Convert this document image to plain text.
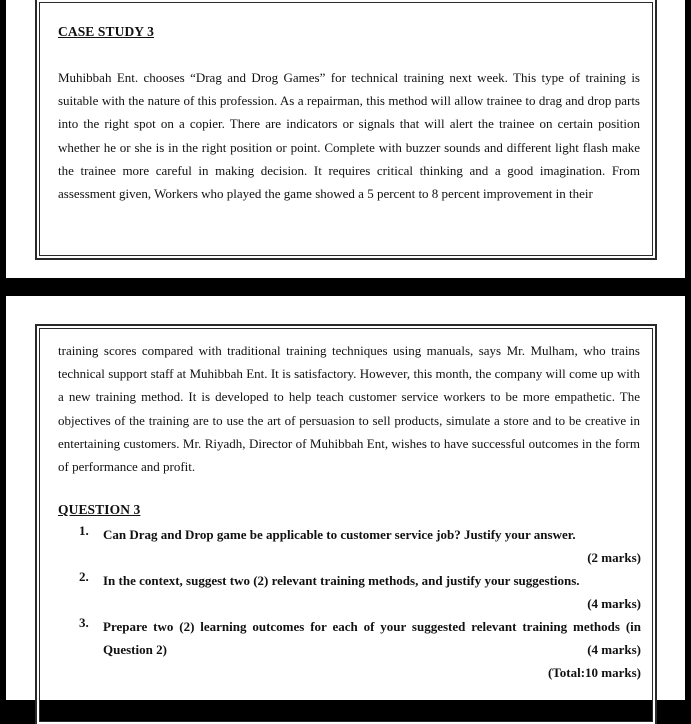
CASE STUDY 3
Muhibbah Ent. chooses “Drag and Drog Games” for technical training next week. This type of training is suitable with the nature of this profession. As a repairman, this method will allow trainee to drag and drop parts into the right spot on a copier. There are indicators or signals that will alert the trainee on certain position whether he or she is in the right position or point. Complete with buzzer sounds and different light flash make the trainee more careful in making decision. It requires critical thinking and a good imagination. From assessment given, Workers who played the game showed a 5 percent to 8 percent improvement in their
training scores compared with traditional training techniques using manuals, says Mr. Mulham, who trains technical support staff at Muhibbah Ent. It is satisfactory. However, this month, the company will come up with a new training method. It is developed to help teach customer service workers to be more empathetic. The objectives of the training are to use the art of persuasion to sell products, simulate a store and to be creative in entertaining customers. Mr. Riyadh, Director of Muhibbah Ent, wishes to have successful outcomes in the form of performance and profit.
QUESTION 3
1. Can Drag and Drop game be applicable to customer service job? Justify your answer.
(2 marks)
2. In the context, suggest two (2) relevant training methods, and justify your suggestions.
(4 marks)
3. Prepare two (2) learning outcomes for each of your suggested relevant training methods (in Question 2)	(4 marks)
(Total:10 marks)
